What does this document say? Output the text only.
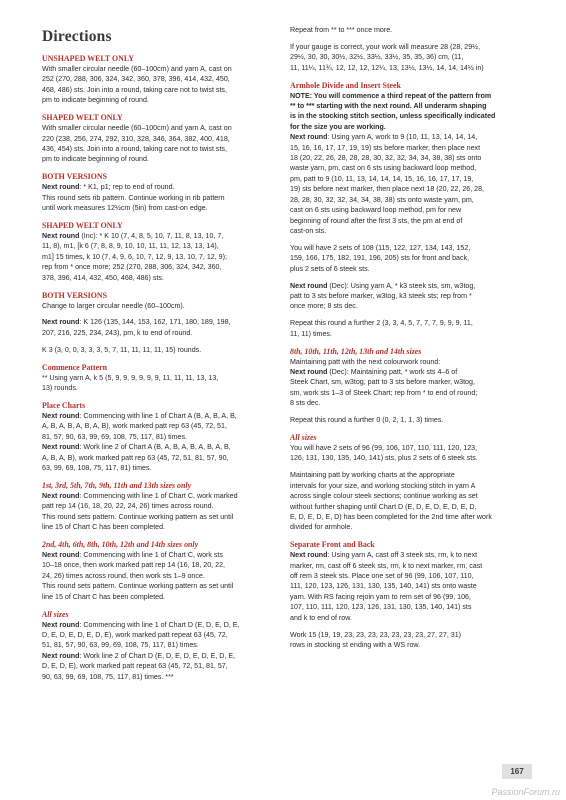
Directions
UNSHAPED WELT ONLY
With smaller circular needle (60–100cm) and yarn A, cast on
252 (270, 288, 306, 324, 342, 360, 378, 396, 414, 432, 450,
468, 486) sts. Join into a round, taking care not to twist sts,
pm to indicate beginning of round.
SHAPED WELT ONLY
With smaller circular needle (60–100cm) and yarn A, cast on
220 (238, 256, 274, 292, 310, 328, 346, 364, 382, 400, 418,
436, 454) sts. Join into a round, taking care not to twist sts,
pm to indicate beginning of round.
BOTH VERSIONS
Next round: * K1, p1; rep to end of round.
This round sets rib pattern. Continue working in rib pattern
until work measures 12½cm (5in) from cast-on edge.
SHAPED WELT ONLY
Next round (Inc): * K 10 (7, 4, 8, 5, 10, 7, 11, 8, 13, 10, 7,
11, 8), m1, [k 6 (7, 8, 8, 9, 10, 10, 11, 11, 12, 13, 13, 14),
m1] 15 times, k 10 (7, 4, 9, 6, 10, 7, 12, 9, 13, 10, 7, 12, 9);
rep from * once more; 252 (270, 288, 306, 324, 342, 360,
378, 396, 414, 432, 450, 468, 486) sts.
BOTH VERSIONS
Change to larger circular needle (60–100cm).
Next round: K 126 (135, 144, 153, 162, 171, 180, 189, 198,
207, 216, 225, 234, 243), pm, k to end of round.
K 3 (3, 0, 0, 3, 3, 3, 5, 7, 11, 11, 11, 11, 15) rounds.
Commence Pattern
** Using yarn A, k 5 (5, 9, 9, 9, 9, 9, 9, 11, 11, 11, 13, 13,
13) rounds.
Place Charts
Next round: Commencing with line 1 of Chart A (B, A, B, A, B,
A, B, A, B, A, B, A, B), work marked patt rep 63 (45, 72, 51,
81, 57, 90, 63, 99, 69, 108, 75, 117, 81) times.
Next round: Work line 2 of Chart A (B, A, B, A, B, A, B, A, B,
A, B, A, B), work marked patt rep 63 (45, 72, 51, 81, 57, 90,
63, 99, 69, 108, 75, 117, 81) times.
1st, 3rd, 5th, 7th, 9th, 11th and 13th sizes only
Next round: Commencing with line 1 of Chart C, work marked
patt rep 14 (16, 18, 20, 22, 24, 26) times across round.
This round sets pattern. Continue working pattern as set until
line 15 of Chart C has been completed.
2nd, 4th, 6th, 8th, 10th, 12th and 14th sizes only
Next round: Commencing with line 1 of Chart C, work sts
10–18 once, then work marked patt rep 14 (16, 18, 20, 22,
24, 26) times across round, then work sts 1–9 once.
This round sets pattern. Continue working pattern as set until
line 15 of Chart C has been completed.
All sizes
Next round: Commencing with line 1 of Chart D (E, D, E, D, E,
D, E, D, E, D, E, D, E), work marked patt repeat 63 (45, 72,
51, 81, 57, 90, 63, 99, 69, 108, 75, 117, 81) times.
Next round: Work line 2 of Chart D (E, D, E, D, E, D, E, D, E,
D, E, D, E), work marked patt repeat 63 (45, 72, 51, 81, 57,
90, 63, 99, 69, 108, 75, 117, 81) times. ***
Repeat from ** to *** once more.
If your gauge is correct, your work will measure 28 (28, 29½,
29½, 30, 30, 30½, 32½, 33½, 33½, 35, 35, 36) cm, (11,
11, 11¼, 11¾, 12, 12, 12, 12¼, 13, 13½, 13½, 14, 14, 14½ in)
Armhole Divide and Insert Steek
NOTE: You will commence a third repeat of the pattern from
** to *** starting with the next round. All underarm shaping
is in the stocking stitch section, unless specifically indicated
for the size you are working.
Next round: Using yarn A, work to 9 (10, 11, 13, 14, 14, 14,
15, 16, 16, 17, 17, 19, 19) sts before marker, then place next
18 (20, 22, 26, 28, 28, 28, 30, 32, 32, 34, 34, 38, 38) sts onto
waste yarn, pm, cast on 6 sts using backward loop method,
pm, patt to 9 (10, 11, 13, 14, 14, 14, 15, 16, 16, 17, 17, 19,
19) sts before next marker, then place next 18 (20, 22, 26, 28,
28, 28, 30, 32, 32, 34, 34, 38, 38) sts onto waste yarn, pm,
cast on 6 sts using backward loop method, pm for new
beginning of round after the first 3 sts, the pm at end of
cast-on sts.
You will have 2 sets of 108 (115, 122, 127, 134, 143, 152,
159, 166, 175, 182, 191, 196, 205) sts for front and back,
plus 2 sets of 6 steek sts.
Next round (Dec): Using yarn A, * k3 steek sts, sm, w3tog,
patt to 3 sts before marker, w3tog, k3 steek sts; rep from *
once more; 8 sts dec.
Repeat this round a further 2 (3, 3, 4, 5, 7, 7, 7, 9, 9, 9, 11,
11, 11) times.
8th, 10th, 11th, 12th, 13th and 14th sizes
Maintaining patt with the next colourwork round:
Next round (Dec): Maintaining patt, * work sts 4–6 of
Steek Chart, sm, w3tog, patt to 3 sts before marker, w3tog,
sm, work sts 1–3 of Steek Chart; rep from * to end of round;
8 sts dec.
Repeat this round a further 0 (0, 2, 1, 1, 3) times.
All sizes
You will have 2 sets of 96 (99, 106, 107, 110, 111, 120, 123,
126, 131, 130, 135, 140, 141) sts, plus 2 sets of 6 steek sts.
Maintaining patt by working charts at the appropriate
intervals for your size, and working stocking stitch in yarn A
across single colour steek sections; continue working as set
without further shaping until Chart D (E, D, E, D, E, D, E, D,
E, D, E, D, E, D) has been completed for the 2nd time after work
divided for armhole.
Separate Front and Back
Next round: Using yarn A, cast off 3 steek sts, rm, k to next
marker, rm, cast off 6 steek sts, rm, k to next marker, rm, cast
off rem 3 steek sts. Place one set of 96 (99, 106, 107, 110,
111, 120, 123, 126, 131, 130, 135, 140, 141) sts onto waste
yarn. With RS facing rejoin yarn to rem set of 96 (99, 106,
107, 110, 111, 120, 123, 126, 131, 130, 135, 140, 141) sts
and k to end of row.
Work 15 (19, 19, 23, 23, 23, 23, 23, 23, 23, 27, 27, 31)
rows in stocking st ending with a WS row.
167
PassionForum.ru
